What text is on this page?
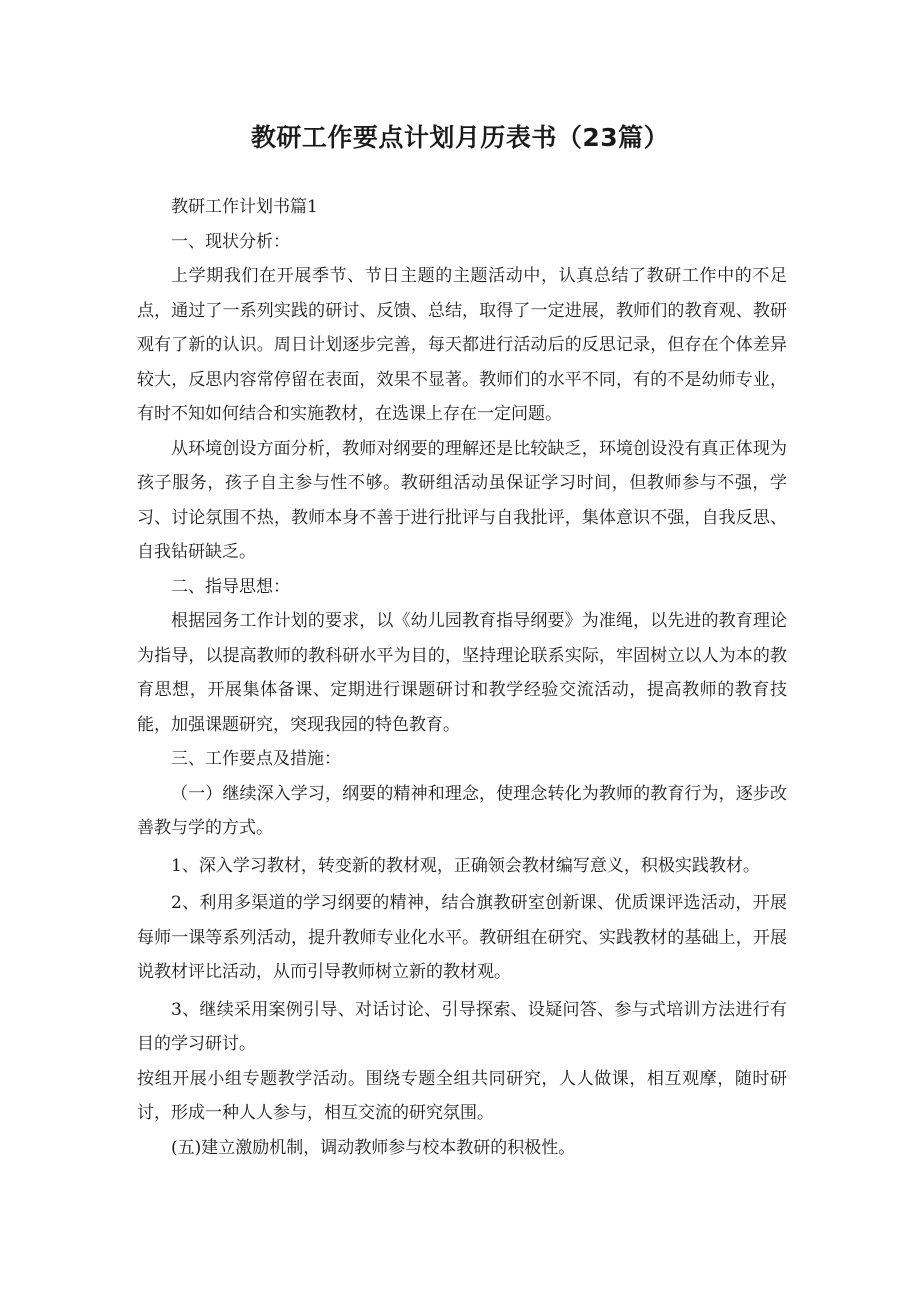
教研工作要点计划月历表书（23篇）

教研工作计划书篇1

一、现状分析：

上学期我们在开展季节、节日主题的主题活动中，认真总结了教研工作中的不足点，通过了一系列实践的研讨、反馈、总结，取得了一定进展，教师们的教育观、教研观有了新的认识。周日计划逐步完善，每天都进行活动后的反思记录，但存在个体差异较大，反思内容常停留在表面，效果不显著。教师们的水平不同，有的不是幼师专业，有时不知如何结合和实施教材，在选课上存在一定问题。

从环境创设方面分析，教师对纲要的理解还是比较缺乏，环境创设没有真正体现为孩子服务，孩子自主参与性不够。教研组活动虽保证学习时间，但教师参与不强，学习、讨论氛围不热，教师本身不善于进行批评与自我批评，集体意识不强，自我反思、自我钻研缺乏。

二、指导思想：

根据园务工作计划的要求，以《幼儿园教育指导纲要》为准绳，以先进的教育理论为指导，以提高教师的教科研水平为目的，坚持理论联系实际，牢固树立以人为本的教育思想，开展集体备课、定期进行课题研讨和教学经验交流活动，提高教师的教育技能，加强课题研究，突现我园的特色教育。

三、工作要点及措施：

（一）继续深入学习，纲要的精神和理念，使理念转化为教师的教育行为，逐步改善教与学的方式。

1、深入学习教材，转变新的教材观，正确领会教材编写意义，积极实践教材。

2、利用多渠道的学习纲要的精神，结合旗教研室创新课、优质课评选活动，开展每师一课等系列活动，提升教师专业化水平。教研组在研究、实践教材的基础上，开展说教材评比活动，从而引导教师树立新的教材观。

3、继续采用案例引导、对话讨论、引导探索、设疑问答、参与式培训方法进行有目的学习研讨。

按组开展小组专题教学活动。围绕专题全组共同研究，人人做课，相互观摩，随时研讨，形成一种人人参与，相互交流的研究氛围。

(五)建立激励机制，调动教师参与校本教研的积极性。
